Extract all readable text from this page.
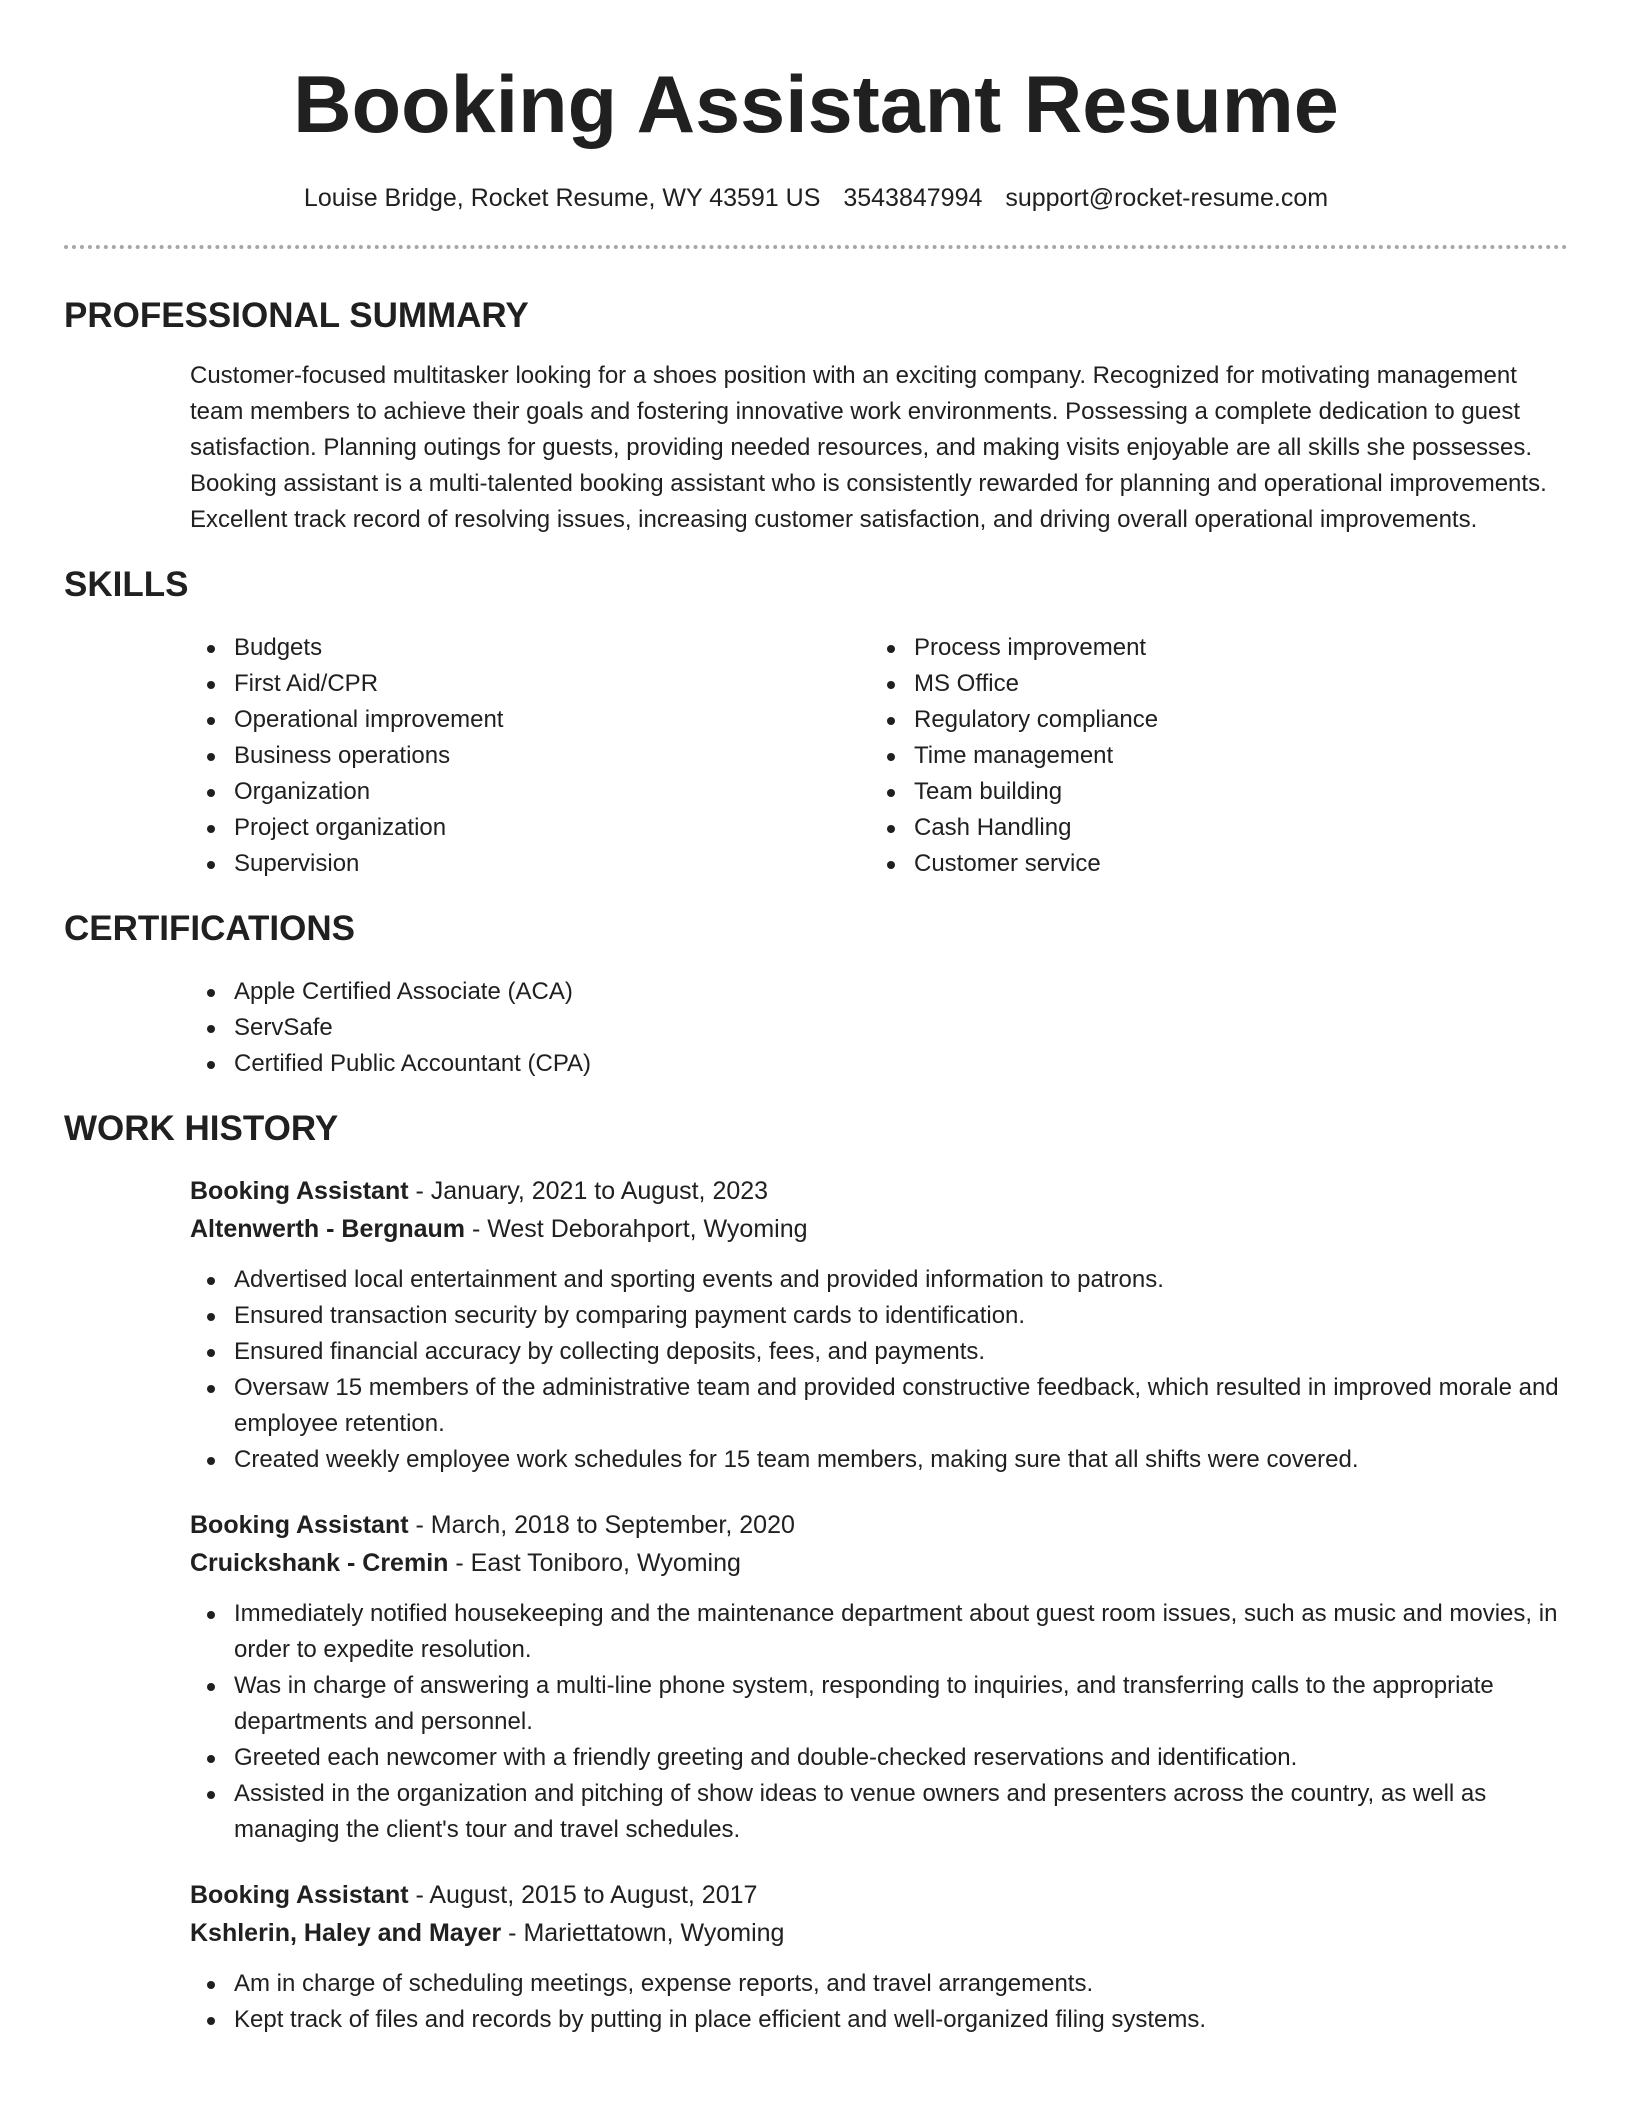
Booking Assistant Resume
Louise Bridge, Rocket Resume, WY 43591 US 3543847994 support@rocket-resume.com
PROFESSIONAL SUMMARY

Customer-focused multitasker looking for a shoes position with an exciting company. Recognized for motivating management team members to achieve their goals and fostering innovative work environments. Possessing a complete dedication to guest satisfaction. Planning outings for guests, providing needed resources, and making visits enjoyable are all skills she possesses. Booking assistant is a multi-talented booking assistant who is consistently rewarded for planning and operational improvements. Excellent track record of resolving issues, increasing customer satisfaction, and driving overall operational improvements.

SKILLS
Budgets
First Aid/CPR
Operational improvement
Business operations
Organization
Project organization
Supervision
Process improvement
MS Office
Regulatory compliance
Time management
Team building
Cash Handling
Customer service
CERTIFICATIONS
Apple Certified Associate (ACA)
ServSafe
Certified Public Accountant (CPA)
WORK HISTORY
Booking Assistant - January, 2021 to August, 2023
Altenwerth - Bergnaum - West Deborahport, Wyoming
Advertised local entertainment and sporting events and provided information to patrons.
Ensured transaction security by comparing payment cards to identification.
Ensured financial accuracy by collecting deposits, fees, and payments.
Oversaw 15 members of the administrative team and provided constructive feedback, which resulted in improved morale and employee retention.
Created weekly employee work schedules for 15 team members, making sure that all shifts were covered.
Booking Assistant - March, 2018 to September, 2020
Cruickshank - Cremin - East Toniboro, Wyoming
Immediately notified housekeeping and the maintenance department about guest room issues, such as music and movies, in order to expedite resolution.
Was in charge of answering a multi-line phone system, responding to inquiries, and transferring calls to the appropriate departments and personnel.
Greeted each newcomer with a friendly greeting and double-checked reservations and identification.
Assisted in the organization and pitching of show ideas to venue owners and presenters across the country, as well as managing the client's tour and travel schedules.
Booking Assistant - August, 2015 to August, 2017
Kshlerin, Haley and Mayer - Mariettatown, Wyoming
Am in charge of scheduling meetings, expense reports, and travel arrangements.
Kept track of files and records by putting in place efficient and well-organized filing systems.
